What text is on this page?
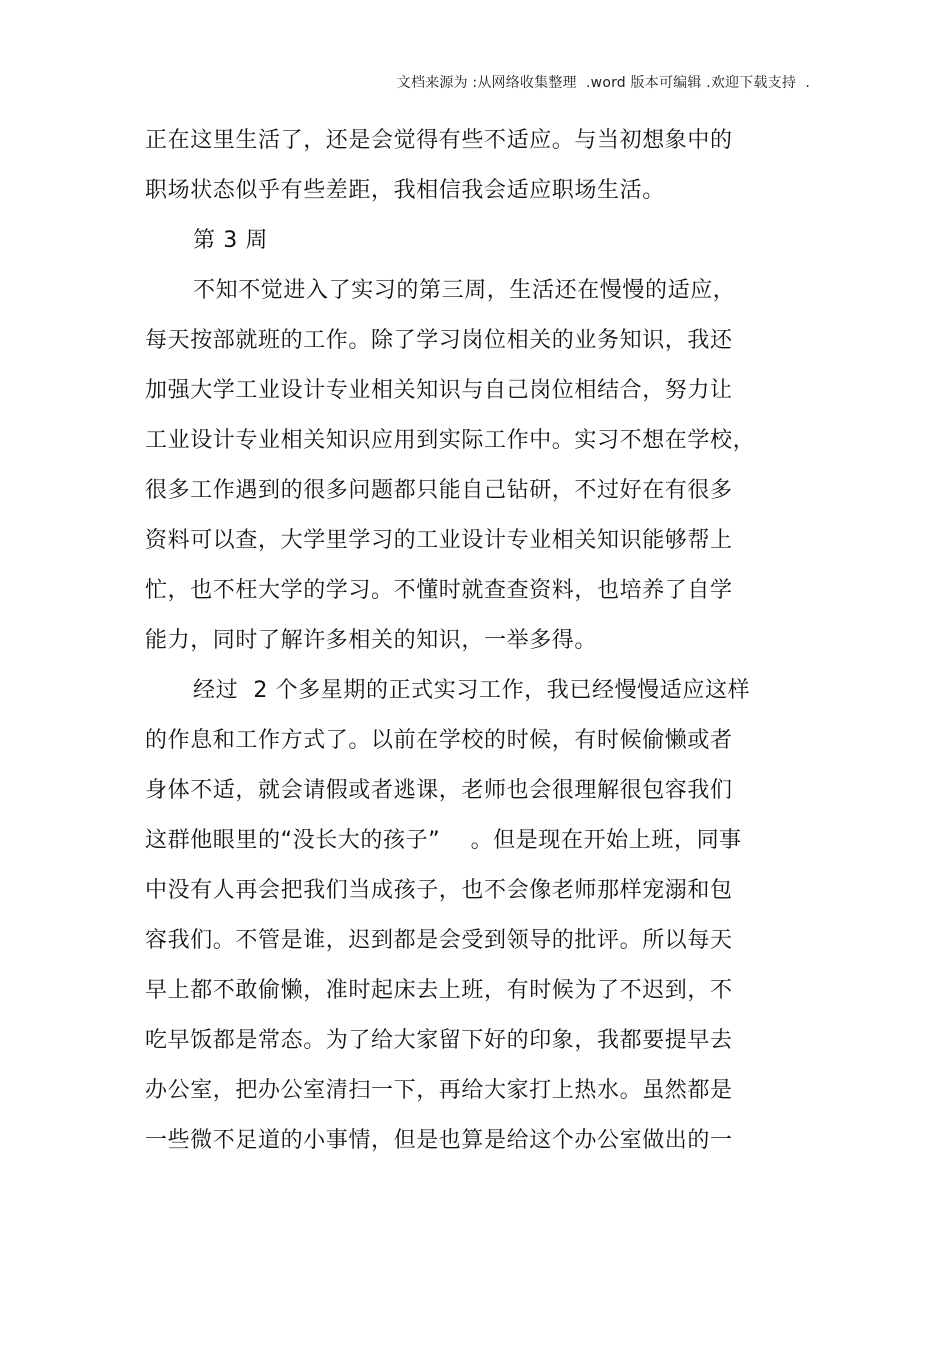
文档来源为 :从网络收集整理  .word 版本可编辑 .欢迎下载支持  .
正在这里生活了，还是会觉得有些不适应。与当初想象中的
职场状态似乎有些差距，我相信我会适应职场生活。
第 3 周
不知不觉进入了实习的第三周，生活还在慢慢的适应，
每天按部就班的工作。除了学习岗位相关的业务知识，我还
加强大学工业设计专业相关知识与自己岗位相结合，努力让
工业设计专业相关知识应用到实际工作中。实习不想在学校，
很多工作遇到的很多问题都只能自己钻研，不过好在有很多
资料可以查，大学里学习的工业设计专业相关知识能够帮上
忙，也不枉大学的学习。不懂时就查查资料，也培养了自学
能力，同时了解许多相关的知识，一举多得。
经过  2 个多星期的正式实习工作，我已经慢慢适应这样
的作息和工作方式了。以前在学校的时候，有时候偷懒或者
身体不适，就会请假或者逃课，老师也会很理解很包容我们
这群他眼里的“没长大的孩子”    。但是现在开始上班，同事
中没有人再会把我们当成孩子，也不会像老师那样宠溺和包
容我们。不管是谁，迟到都是会受到领导的批评。所以每天
早上都不敢偷懒，准时起床去上班，有时候为了不迟到，不
吃早饭都是常态。为了给大家留下好的印象，我都要提早去
办公室，把办公室清扫一下，再给大家打上热水。虽然都是
一些微不足道的小事情，但是也算是给这个办公室做出的一
